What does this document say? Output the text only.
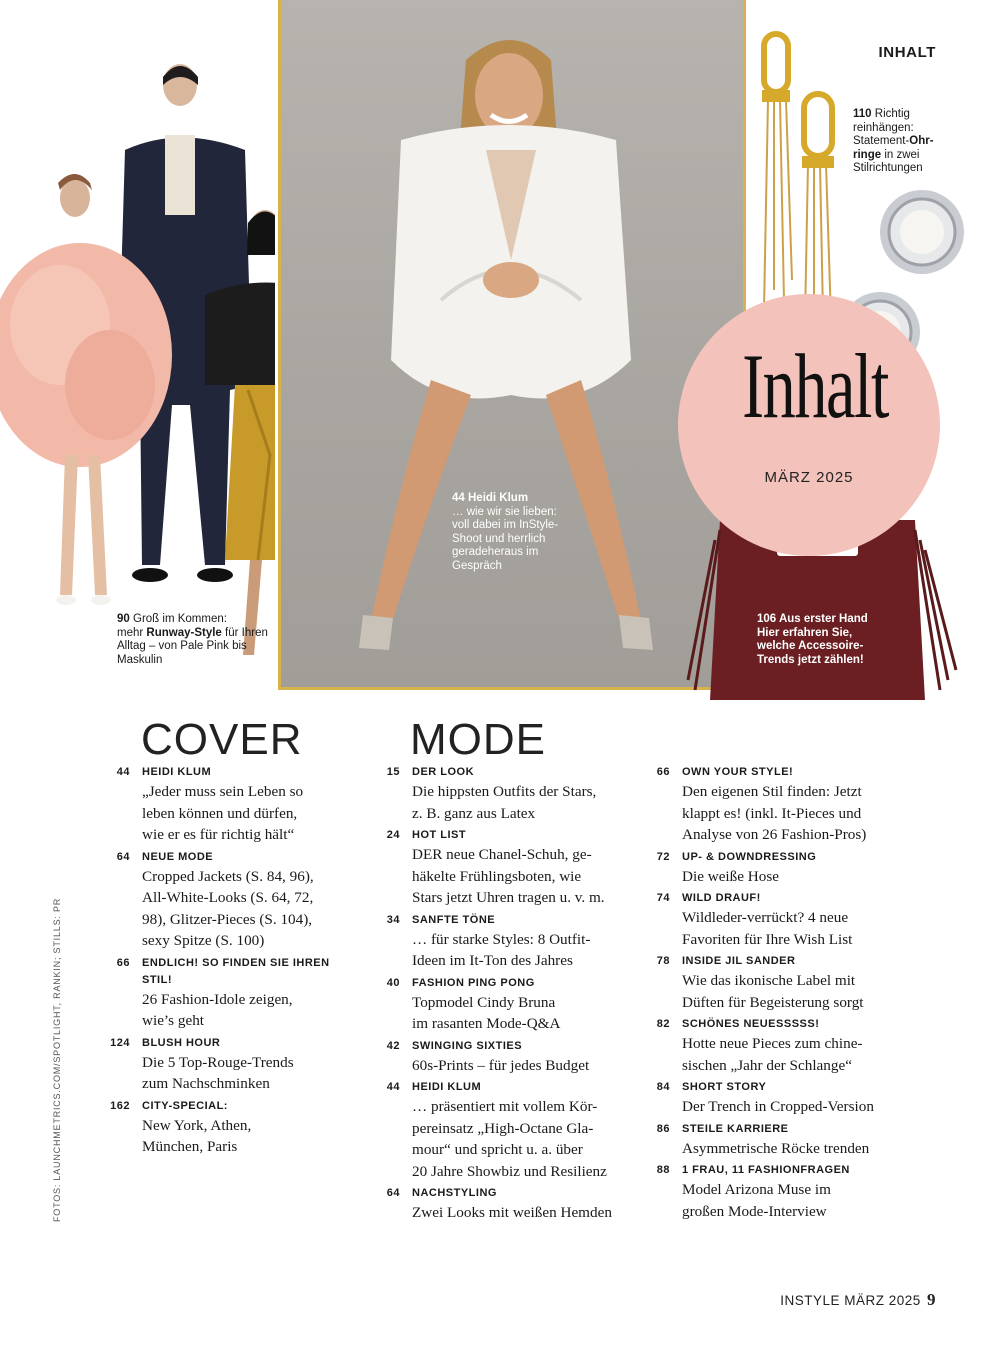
Inhalt
MÄRZ 2025
INHALT
90 Groß im Kommen:
mehr Runway-Style für Ihren Alltag – von Pale Pink bis Maskulin
44 Heidi Klum
… wie wir sie lieben: voll dabei im InStyle-Shoot und herrlich geradeheraus im Gespräch
106 Aus erster Hand
Hier erfahren Sie, welche Accessoire-Trends jetzt zählen!
110 Richtig reinhängen: Statement-Ohr-ringe in zwei Stilrichtungen
COVER MODE
44 HEIDI KLUM
„Jeder muss sein Leben so
leben können und dürfen,
wie er es für richtig hält“
64 NEUE MODE
Cropped Jackets (S. 84, 96),
All-White-Looks (S. 64, 72,
98), Glitzer-Pieces (S. 104),
sexy Spitze (S. 100)
66 ENDLICH! SO FINDEN SIE IHREN STIL!
26 Fashion-Idole zeigen,
wie’s geht
124 BLUSH HOUR
Die 5 Top-Rouge-Trends
zum Nachschminken
162 CITY-SPECIAL:
New York, Athen,
München, Paris
15 DER LOOK
Die hippsten Outfits der Stars,
z. B. ganz aus Latex
24 HOT LIST
DER neue Chanel-Schuh, ge-
häkelte Frühlingsboten, wie
Stars jetzt Uhren tragen u. v. m.
34 SANFTE TÖNE
… für starke Styles: 8 Outfit-
Ideen im It-Ton des Jahres
40 FASHION PING PONG
Topmodel Cindy Bruna
im rasanten Mode-Q&A
42 SWINGING SIXTIES
60s-Prints – für jedes Budget
44 HEIDI KLUM
… präsentiert mit vollem Kör-
pereinsatz „High-Octane Gla-
mour“ und spricht u. a. über
20 Jahre Showbiz und Resilienz
64 NACHSTYLING
Zwei Looks mit weißen Hemden
66 OWN YOUR STYLE!
Den eigenen Stil finden: Jetzt
klappt es! (inkl. It-Pieces und
Analyse von 26 Fashion-Pros)
72 UP- & DOWNDRESSING
Die weiße Hose
74 WILD DRAUF!
Wildleder-verrückt? 4 neue
Favoriten für Ihre Wish List
78 INSIDE JIL SANDER
Wie das ikonische Label mit
Düften für Begeisterung sorgt
82 SCHÖNES NEUESSSSS!
Hotte neue Pieces zum chine-
sischen „Jahr der Schlange“
84 SHORT STORY
Der Trench in Cropped-Version
86 STEILE KARRIERE
Asymmetrische Röcke trenden
88 1 FRAU, 11 FASHIONFRAGEN
Model Arizona Muse im
großen Mode-Interview
FOTOS: LAUNCHMETRICS.COM/SPOTLIGHT, RANKIN; STILLS: PR
INSTYLE MÄRZ 2025 9
